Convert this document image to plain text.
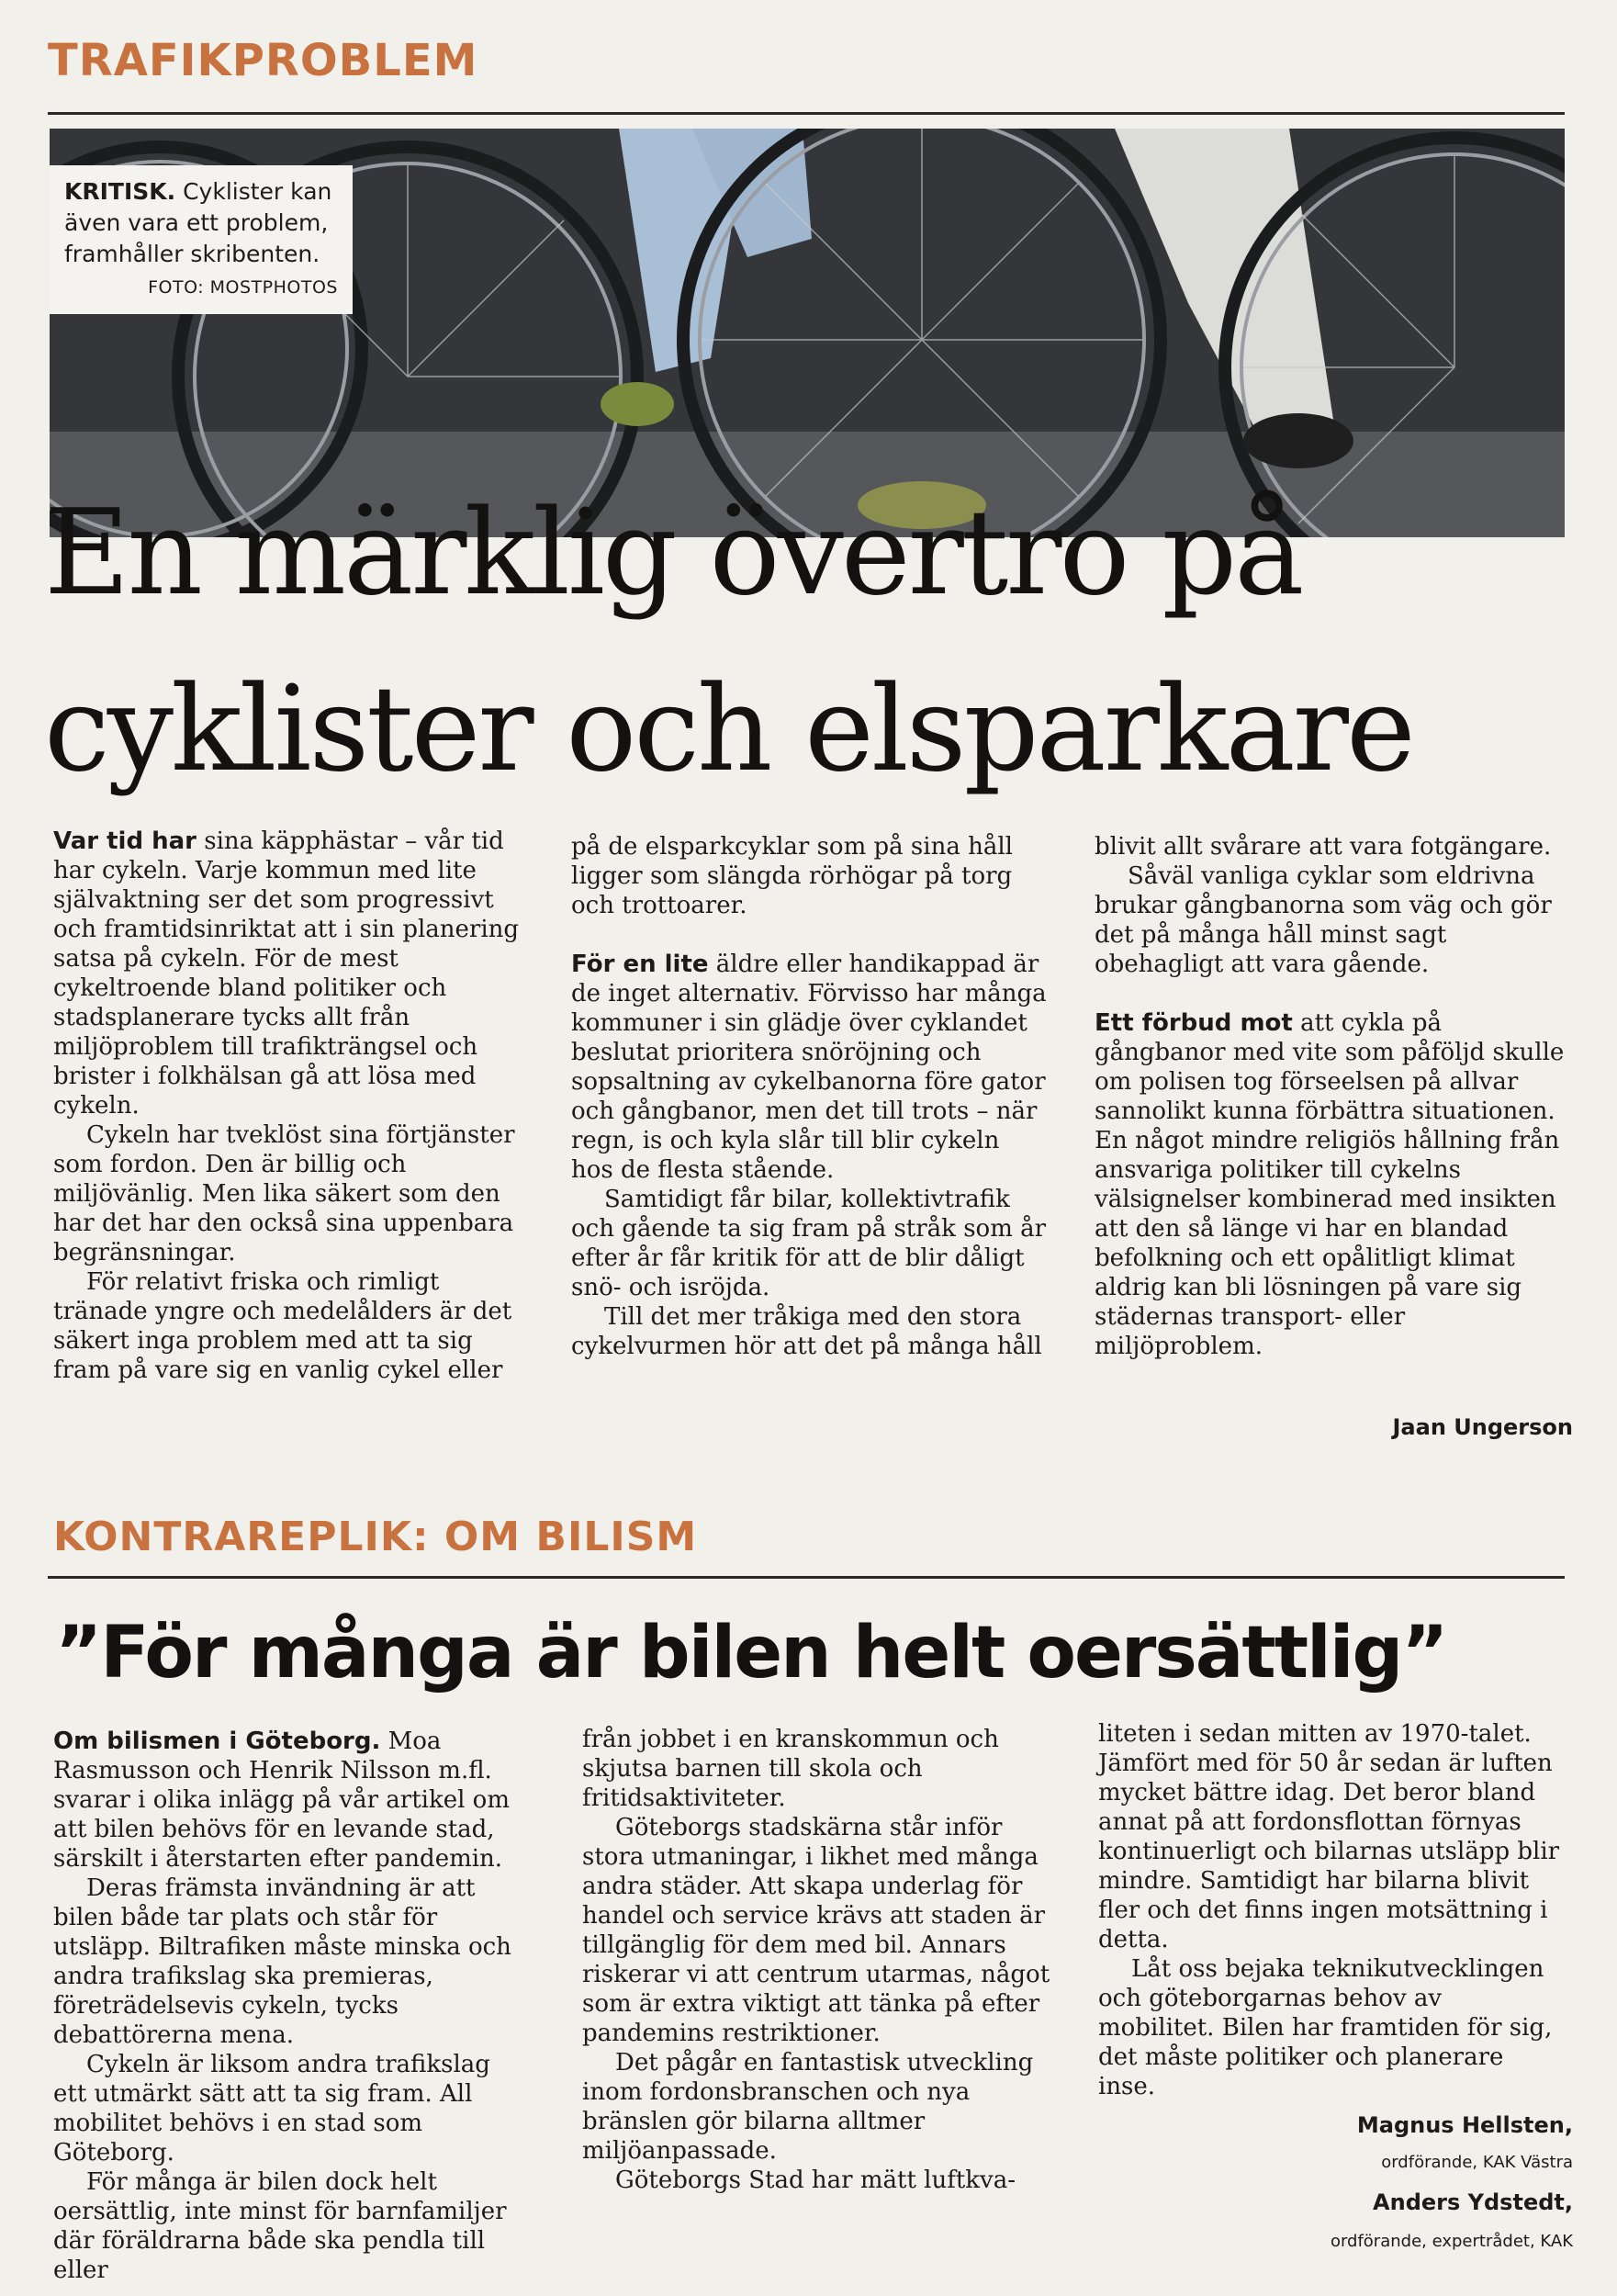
TRAFIKPROBLEM
KRITISK. Cyklister kan även vara ett problem, framhåller skribenten.
FOTO: MOSTPHOTOS
En märklig övertro på
cyklister och elsparkare

Var tid har sina käpphästar – vår tid har cykeln. Varje kommun med lite självaktning ser det som progressivt och framtidsinriktat att i sin planering satsa på cykeln. För de mest cykeltroende bland politiker och stadsplanerare tycks allt från miljöproblem till trafikträngsel och brister i folkhälsan gå att lösa med cykeln.

Cykeln har tveklöst sina förtjänster som fordon. Den är billig och miljövänlig. Men lika säkert som den har det har den också sina uppenbara begränsningar.

För relativt friska och rimligt tränade yngre och medelålders är det säkert inga problem med att ta sig fram på vare sig en vanlig cykel eller

på de elsparkcyklar som på sina håll ligger som slängda rörhögar på torg och trottoarer.

För en lite äldre eller handikappad är de inget alternativ. Förvisso har många kommuner i sin glädje över cyklandet beslutat prioritera snöröjning och sopsaltning av cykelbanorna före gator och gångbanor, men det till trots – när regn, is och kyla slår till blir cykeln hos de flesta stående.

Samtidigt får bilar, kollektivtrafik och gående ta sig fram på stråk som år efter år får kritik för att de blir dåligt snö- och isröjda.

Till det mer tråkiga med den stora cykelvurmen hör att det på många håll

blivit allt svårare att vara fotgängare.

Såväl vanliga cyklar som eldrivna brukar gångbanorna som väg och gör det på många håll minst sagt obehagligt att vara gående.

Ett förbud mot att cykla på gångbanor med vite som påföljd skulle om polisen tog förseelsen på allvar sannolikt kunna förbättra situationen. En något mindre religiös hållning från ansvariga politiker till cykelns välsignelser kombinerad med insikten att den så länge vi har en blandad befolkning och ett opålitligt klimat aldrig kan bli lösningen på vare sig städernas transport- eller miljöproblem.

Jaan Ungerson
KONTRAREPLIK: OM BILISM
”För många är bilen helt oersättlig”

Om bilismen i Göteborg. Moa Rasmusson och Henrik Nilsson m.fl. svarar i olika inlägg på vår artikel om att bilen behövs för en levande stad, särskilt i återstarten efter pandemin.

Deras främsta invändning är att bilen både tar plats och står för utsläpp. Biltrafiken måste minska och andra trafikslag ska premieras, företrädelsevis cykeln, tycks debattörerna mena.

Cykeln är liksom andra trafikslag ett utmärkt sätt att ta sig fram. All mobilitet behövs i en stad som Göteborg.

För många är bilen dock helt oersättlig, inte minst för barnfamiljer där föräldrarna både ska pendla till eller

från jobbet i en kranskommun och skjutsa barnen till skola och fritidsaktiviteter.

Göteborgs stadskärna står inför stora utmaningar, i likhet med många andra städer. Att skapa underlag för handel och service krävs att staden är tillgänglig för dem med bil. Annars riskerar vi att centrum utarmas, något som är extra viktigt att tänka på efter pandemins restriktioner.

Det pågår en fantastisk utveckling inom fordonsbranschen och nya bränslen gör bilarna alltmer miljöanpassade.

Göteborgs Stad har mätt luftkva-

liteten i sedan mitten av 1970-talet. Jämfört med för 50 år sedan är luften mycket bättre idag. Det beror bland annat på att fordonsflottan förnyas kontinuerligt och bilarnas utsläpp blir mindre. Samtidigt har bilarna blivit fler och det finns ingen motsättning i detta.

Låt oss bejaka teknikutvecklingen och göteborgarnas behov av mobilitet. Bilen har framtiden för sig, det måste politiker och planerare inse.

Magnus Hellsten,
ordförande, KAK Västra
Anders Ydstedt,
ordförande, expertrådet, KAK
